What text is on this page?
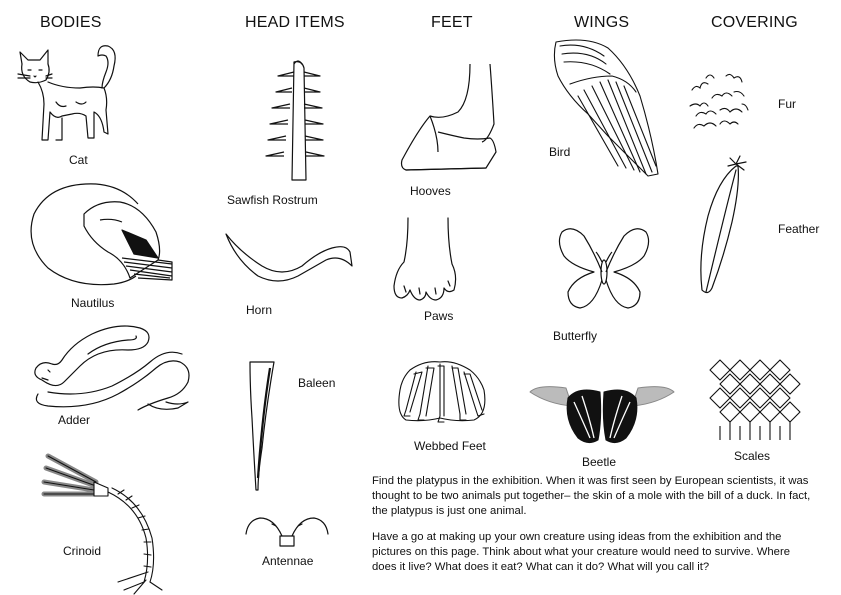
BODIES	HEAD ITEMS	FEET	WINGS	COVERING
Cat
Nautilus
Adder
Crinoid
Sawfish Rostrum
Horn
Baleen
Antennae
Hooves
Paws
Webbed Feet
Bird
Butterfly
Beetle
Fur
Feather
Scales

Find the platypus in the exhibition. When it was first seen by European scientists, it was thought to be two animals put together– the skin of a mole with the bill of a duck. In fact, the platypus is just one animal.

Have a go at making up your own creature using ideas from the exhibition and the pictures on this page. Think about what your creature would need to survive. Where does it live? What does it eat? What can it do? What will you call it?
